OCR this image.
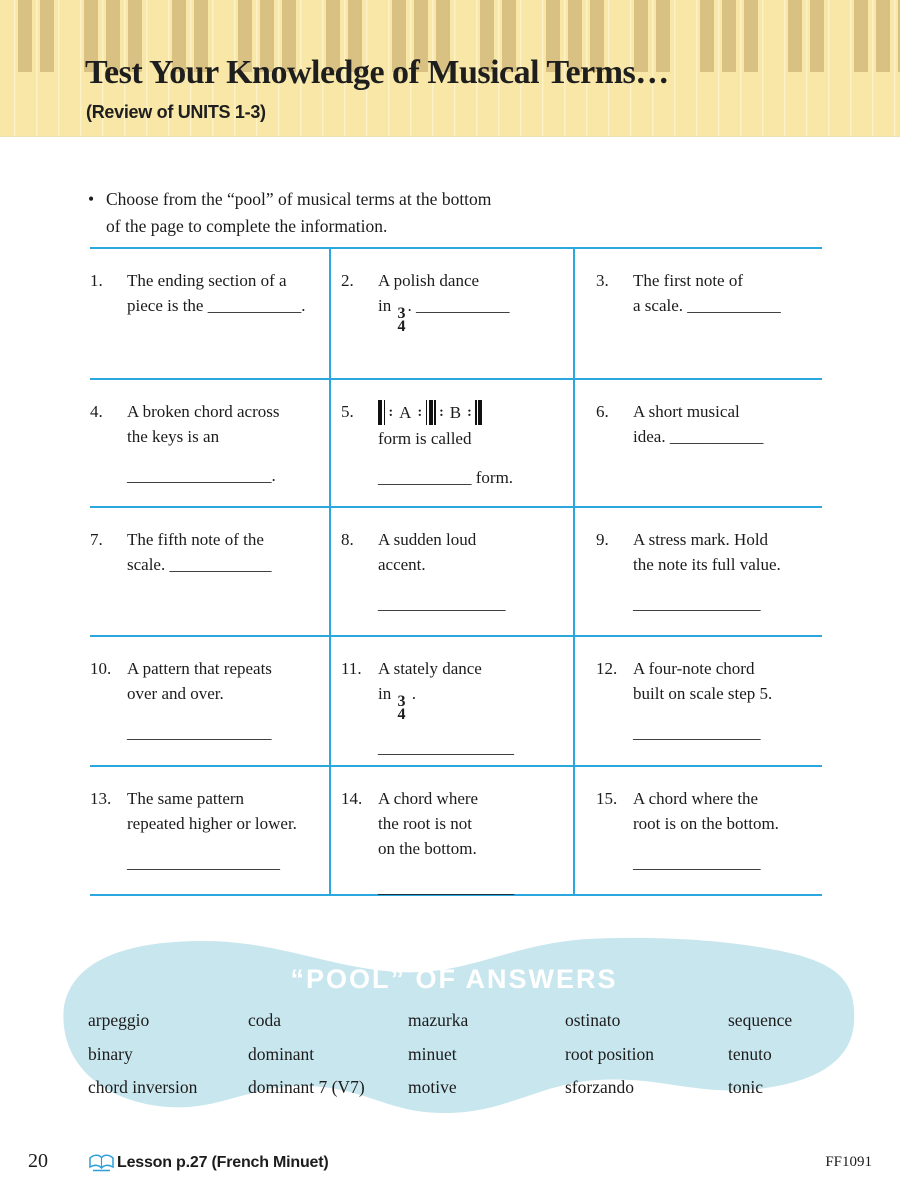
Test Your Knowledge of Musical Terms…
(Review of UNITS 1-3)
• Choose from the “pool” of musical terms at the bottom
of the page to complete the information.
1.	The ending section of a
piece is the ___________.
2.	A polish dance
in 3
4
. ___________
3.	The first note of
a scale. ___________
4.	A broken chord across
the keys is an
_________________.
5.	: A : : B :
form is called
___________ form.
6.	A short musical
idea. ___________
7.	The fifth note of the
scale. ____________
8.	A sudden loud
accent.
_______________
9.	A stress mark. Hold
the note its full value.
_______________
10. A pattern that repeats
over and over.
_________________
11. A stately dance
in 3
4
.
________________
12. A four-note chord
built on scale step 5.
_______________
13. The same pattern
repeated higher or lower.
__________________
14. A chord where
the root is not
on the bottom.
________________
15. A chord where the
root is on the bottom.
_______________
“POOL” OF ANSWERS
arpeggio
binary
chord inversion
coda
dominant
dominant 7 (V7)
mazurka
minuet
motive
ostinato
root position
sforzando
sequence
tenuto
tonic
20	Lesson p.27 (French Minuet)	FF1091
